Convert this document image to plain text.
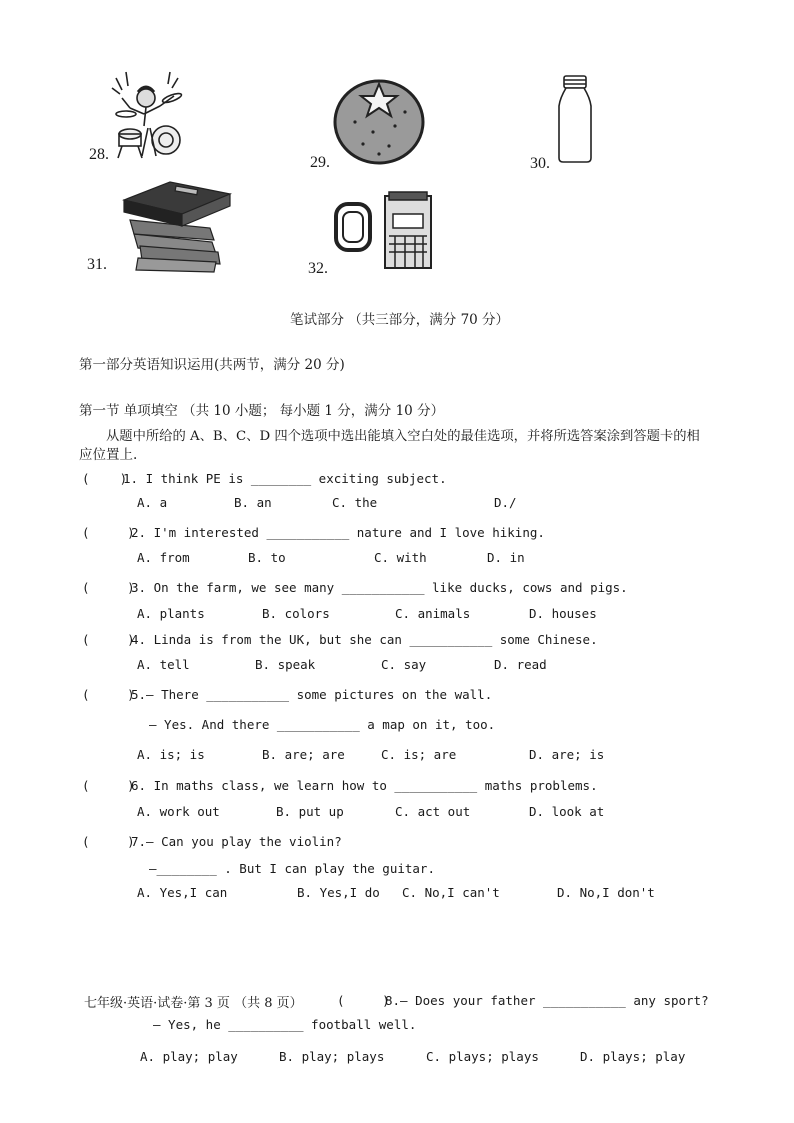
28.	29.	30.
31.	32.
笔试部分 （共三部分，满分 70 分）
第一部分英语知识运用(共两节，满分 20 分)
第一节 单项填空 （共 10 小题； 每小题 1 分，满分 10 分）
从题中所给的 A、B、C、D 四个选项中选出能填入空白处的最佳选项，并将所选答案涂到答题卡的相
应位置上.
(    )
1. I think PE is ________ exciting subject.
A. a	B. an	C. the	D./
(     )
2. I'm interested ___________ nature and I love hiking.
A. from	B. to	C. with	D. in
(     )
3. On the farm, we see many ___________ like ducks, cows and pigs.
A. plants	B. colors	C. animals	D. houses
(     )
4. Linda is from the UK, but she can ___________ some Chinese.
A. tell	B. speak	C. say	D. read
(     )
5.— There ___________ some pictures on the wall.
— Yes. And there ___________ a map on it, too.
A. is; is	B. are; are	C. is; are	D. are; is
(     )
6. In maths class, we learn how to ___________ maths problems.
A. work out	B. put up	C. act out	D. look at
(     )
7.— Can you play the violin?
—________ . But I can play the guitar.
A. Yes,I can	B. Yes,I do C. No,I can't	D. No,I don't
七年级·英语·试卷·第 3 页 （共 8 页）	(     )
8.— Does your father ___________ any sport?
— Yes, he __________ football well.
A. play; play	B. play; plays	C. plays; plays	D. plays; play
